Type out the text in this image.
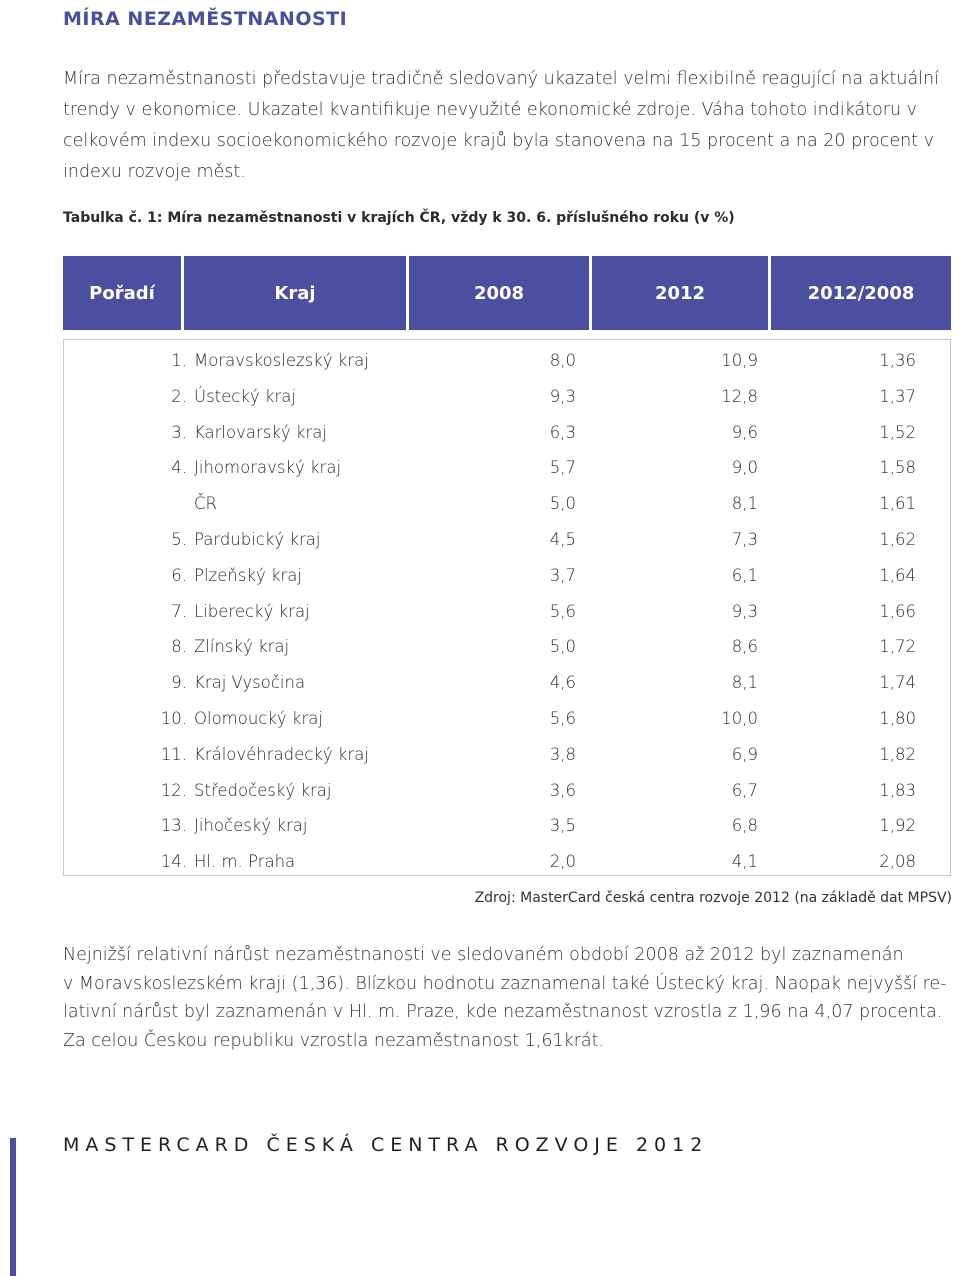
MÍRA NEZAMĚSTNANOSTI
Míra nezaměstnanosti představuje tradičně sledovaný ukazatel velmi flexibilně reagující na aktuální trendy v ekonomice. Ukazatel kvantifikuje nevyužité ekonomické zdroje. Váha tohoto indikátoru v celkovém indexu socioekonomického rozvoje krajů byla stanovena na 15 procent a na 20 procent v indexu rozvoje měst.
Tabulka č. 1: Míra nezaměstnanosti v krajích ČR, vždy k 30. 6. příslušného roku (v %)
Pořadí	Kraj	2008	2012	2012/2008
1. Moravskoslezský kraj	8,0	10,9	1,36
2. Ústecký kraj	9,3	12,8	1,37
3. Karlovarský kraj	6,3	9,6	1,52
4. Jihomoravský kraj	5,7	9,0	1,58
ČR	5,0	8,1	1,61
5. Pardubický kraj	4,5	7,3	1,62
6. Plzeňský kraj	3,7	6,1	1,64
7. Liberecký kraj	5,6	9,3	1,66
8. Zlínský kraj	5,0	8,6	1,72
9. Kraj Vysočina	4,6	8,1	1,74
10. Olomoucký kraj	5,6	10,0	1,80
11. Královéhradecký kraj	3,8	6,9	1,82
12. Středočeský kraj	3,6	6,7	1,83
13. Jihočeský kraj	3,5	6,8	1,92
14. Hl. m. Praha	2,0	4,1	2,08
Zdroj: MasterCard česká centra rozvoje 2012 (na základě dat MPSV)
Nejnižší relativní nárůst nezaměstnanosti ve sledovaném období 2008 až 2012 byl zaznamenán
v Moravskoslezském kraji (1,36). Blízkou hodnotu zaznamenal také Ústecký kraj. Naopak nejvyšší re-
lativní nárůst byl zaznamenán v Hl. m. Praze, kde nezaměstnanost vzrostla z 1,96 na 4,07 procenta.
Za celou Českou republiku vzrostla nezaměstnanost 1,61krát.
MASTERCARD ČESKÁ CENTRA ROZVOJE 2012
